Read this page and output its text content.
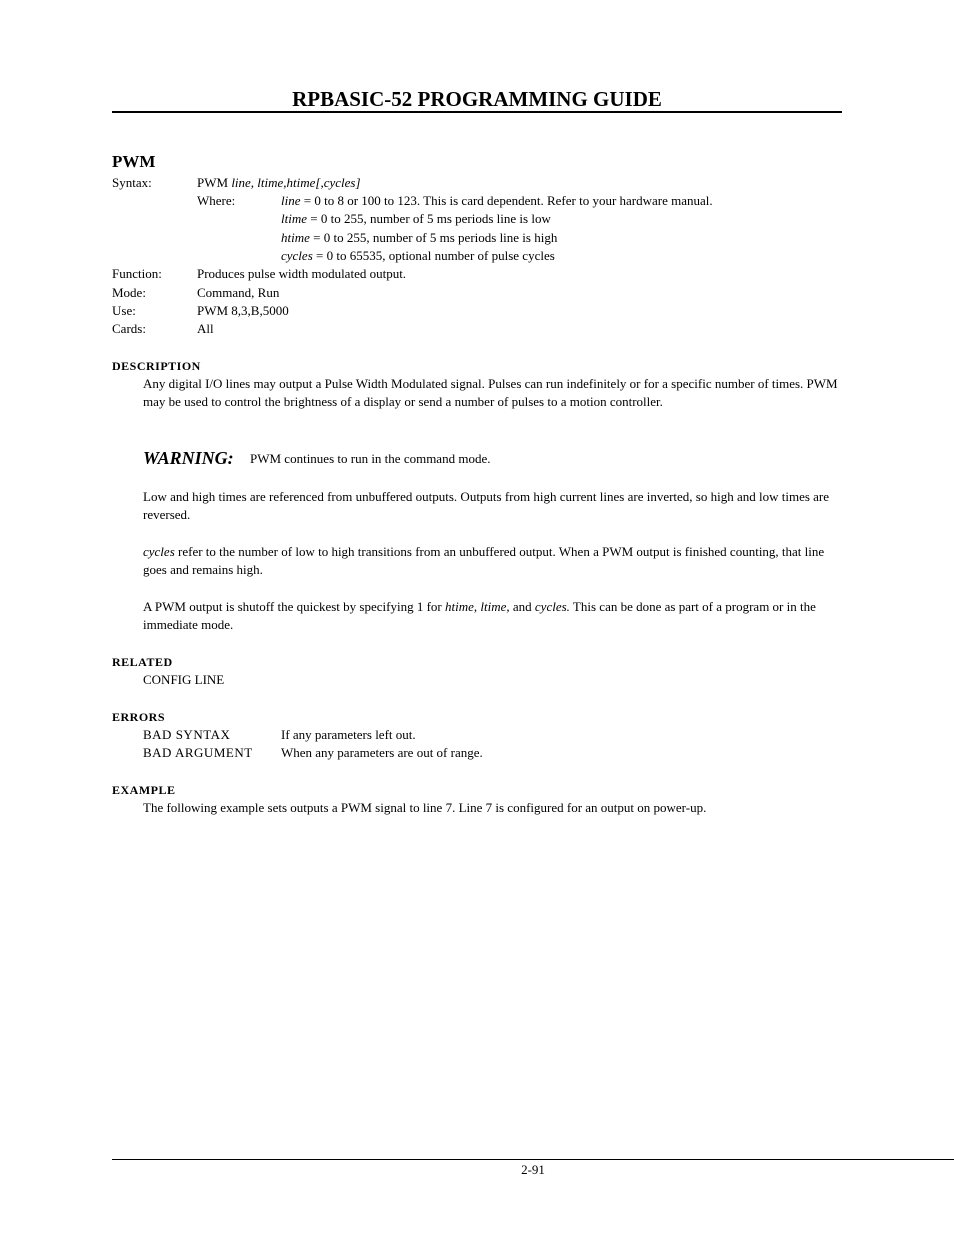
RPBASIC-52 PROGRAMMING GUIDE
PWM
Syntax:	PWM line, ltime,htime[,cycles]
Where:	line = 0 to 8 or 100 to 123. This is card dependent. Refer to your hardware manual.
ltime = 0 to 255, number of 5 ms periods line is low
htime = 0 to 255, number of 5 ms periods line is high
cycles = 0 to 65535, optional number of pulse cycles
Function:	Produces pulse width modulated output.
Mode:	Command, Run
Use:	PWM 8,3,B,5000
Cards:	All
DESCRIPTION
Any digital I/O lines may output a Pulse Width Modulated signal. Pulses can run indefinitely or for a specific number of times. PWM may be used to control the brightness of a display or send a number of pulses to a motion controller.
WARNING: PWM continues to run in the command mode.
Low and high times are referenced from unbuffered outputs. Outputs from high current lines are inverted, so high and low times are reversed.
cycles refer to the number of low to high transitions from an unbuffered output. When a PWM output is finished counting, that line goes and remains high.
A PWM output is shutoff the quickest by specifying 1 for htime, ltime, and cycles. This can be done as part of a program or in the immediate mode.
RELATED
CONFIG LINE
ERRORS
BAD SYNTAX	If any parameters left out.
BAD ARGUMENT When any parameters are out of range.
EXAMPLE
The following example sets outputs a PWM signal to line 7. Line 7 is configured for an output on power-up.
2-91
